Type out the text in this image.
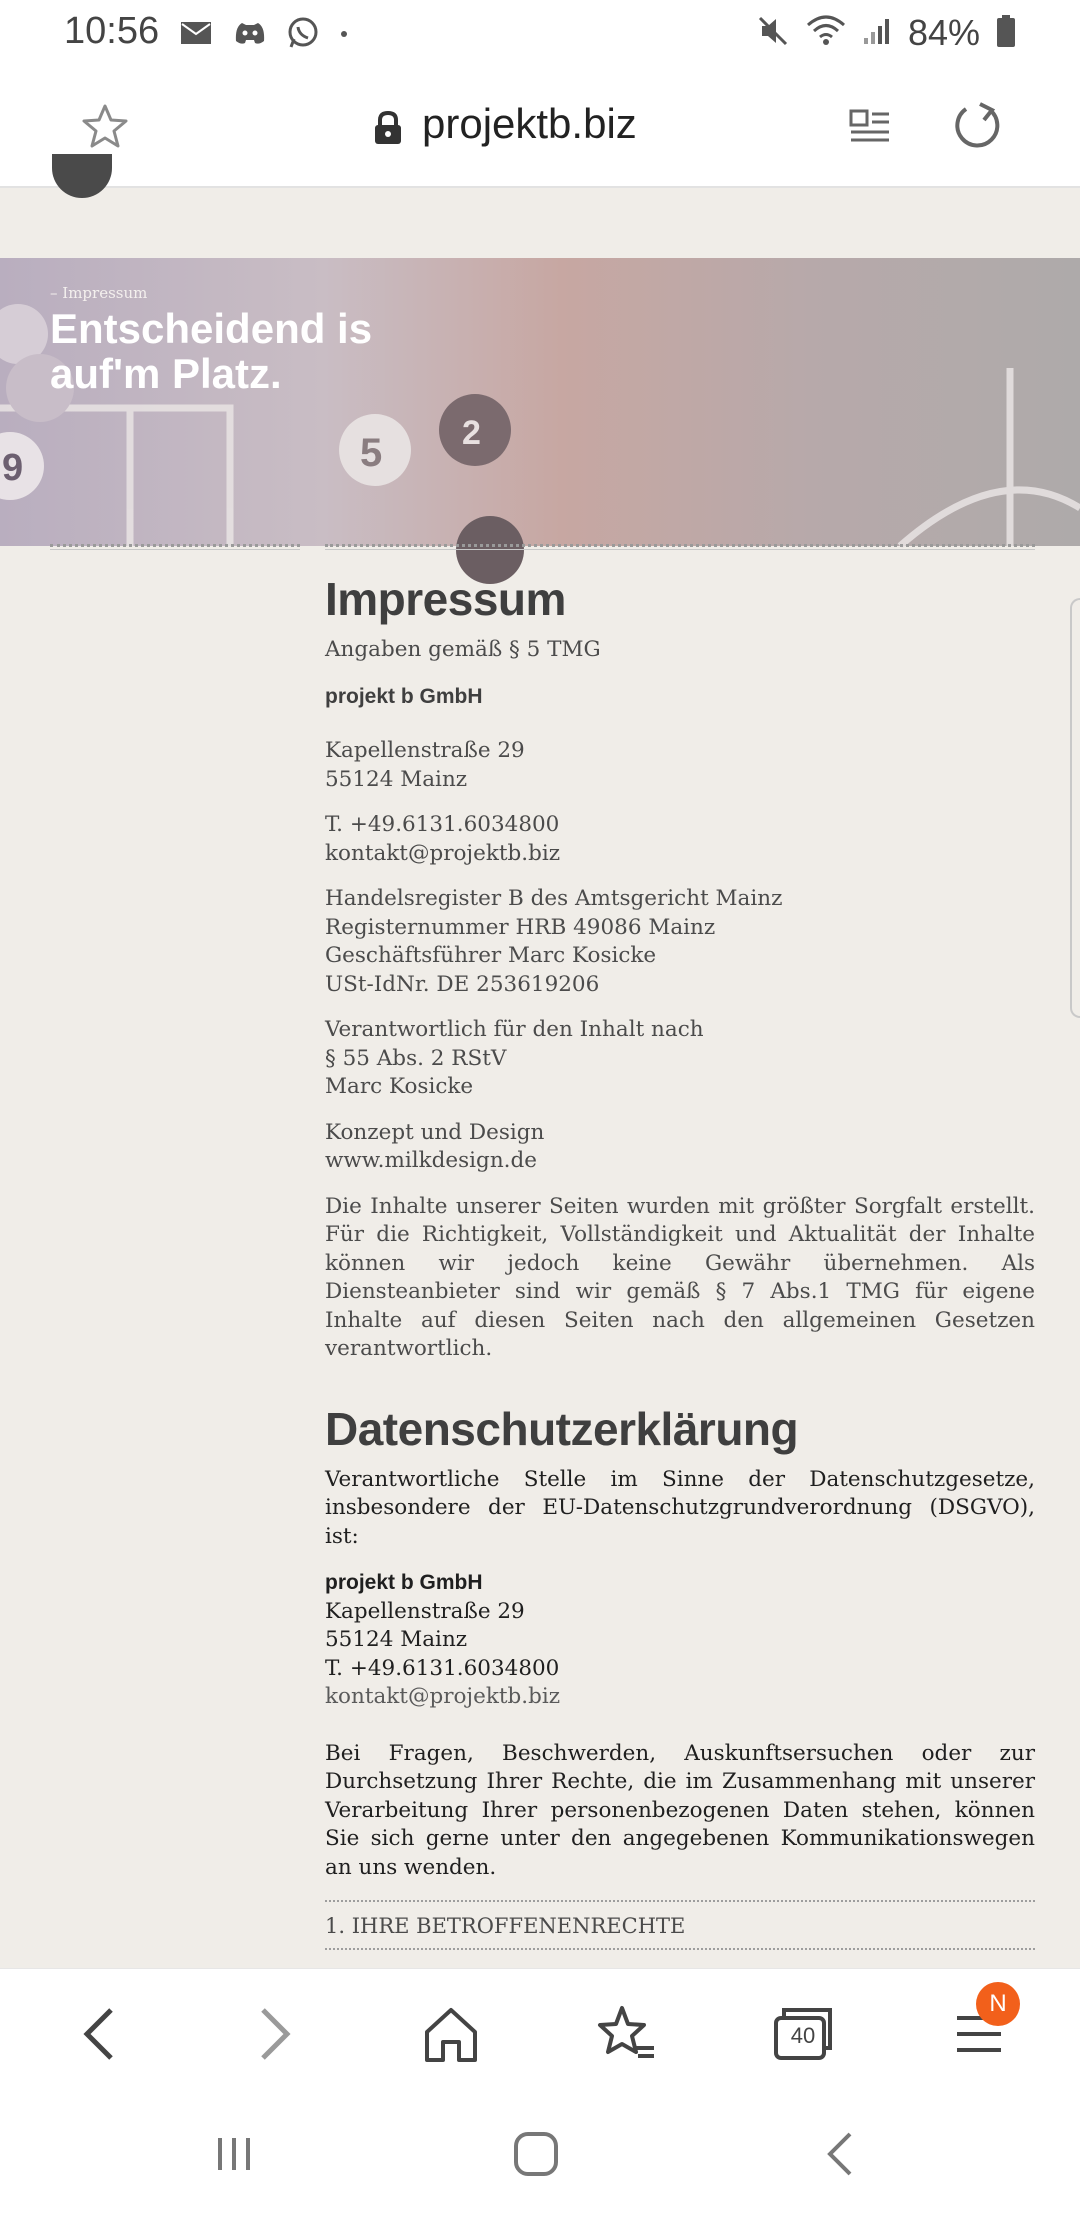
10:56	84%
projektb.biz
9	5 2
– Impressum
Entscheidend is auf'm Platz.
Impressum

Angaben gemäß § 5 TMG

projekt b GmbH

Kapellenstraße 29

55124 Mainz

T. +49.6131.6034800

kontakt@projektb.biz

Handelsregister B des Amtsgericht Mainz

Registernummer HRB 49086 Mainz

Geschäftsführer Marc Kosicke

USt-IdNr. DE 253619206

Verantwortlich für den Inhalt nach

§ 55 Abs. 2 RStV

Marc Kosicke

Konzept und Design

www.milkdesign.de

Die Inhalte unserer Seiten wurden mit größter Sorgfalt erstellt. Für die Richtigkeit, Vollständigkeit und Aktualität der Inhalte können wir jedoch keine Gewähr übernehmen. Als Diensteanbieter sind wir gemäß § 7 Abs.1 TMG für eigene Inhalte auf diesen Seiten nach den allgemeinen Gesetzen verantwortlich.

Datenschutzerklärung

Verantwortliche Stelle im Sinne der Datenschutzgesetze, insbesondere der EU-Datenschutzgrundverordnung (DSGVO), ist:

projekt b GmbH

Kapellenstraße 29

55124 Mainz

T. +49.6131.6034800

kontakt@projektb.biz

Bei Fragen, Beschwerden, Auskunftsersuchen oder zur Durchsetzung Ihrer Rechte, die im Zusammenhang mit unserer Verarbeitung Ihrer personenbezogenen Daten stehen, können Sie sich gerne unter den angegebenen Kommunikationswegen an uns wenden.

1. IHRE BETROFFENENRECHTE

40
N
